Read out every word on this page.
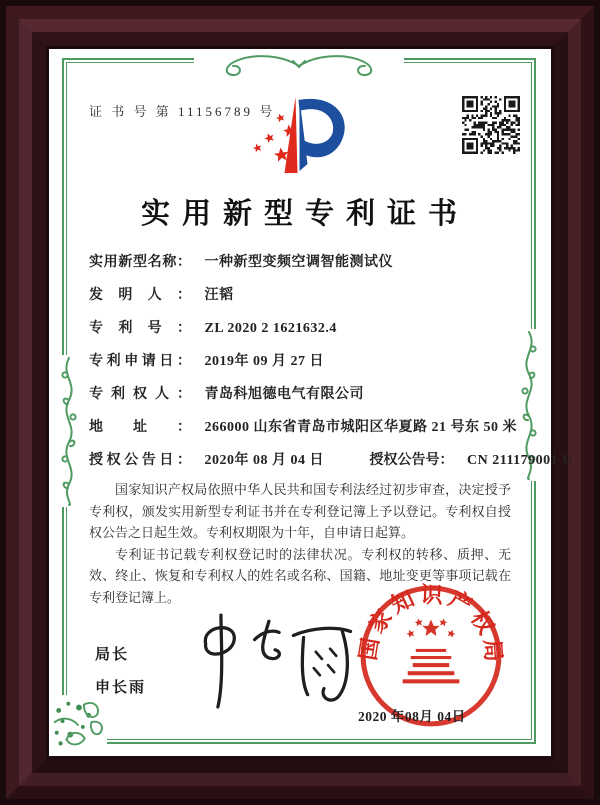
证 书 号 第 11156789 号
实用新型专利证书
实用新型名称： 一种新型变频空调智能测试仪
发明人： 汪韬
专利号： ZL 2020 2 1621632.4
专利申请日： 2019年 09 月 27 日
专利权人： 青岛科旭德电气有限公司
地址： 266000 山东省青岛市城阳区华夏路 21 号东 50 米
授权公告日： 2020年 08 月 04 日	授权公告号： CN 211179001 U

国家知识产权局依照中华人民共和国专利法经过初步审查，决定授予专利权，颁发实用新型专利证书并在专利登记簿上予以登记。专利权自授权公告之日起生效。专利权期限为十年，自申请日起算。

专利证书记载专利权登记时的法律状况。专利权的转移、质押、无效、终止、恢复和专利权人的姓名或名称、国籍、地址变更等事项记载在专利登记簿上。

局长
申长雨
国家知识产权局
2020 年08月 04日
